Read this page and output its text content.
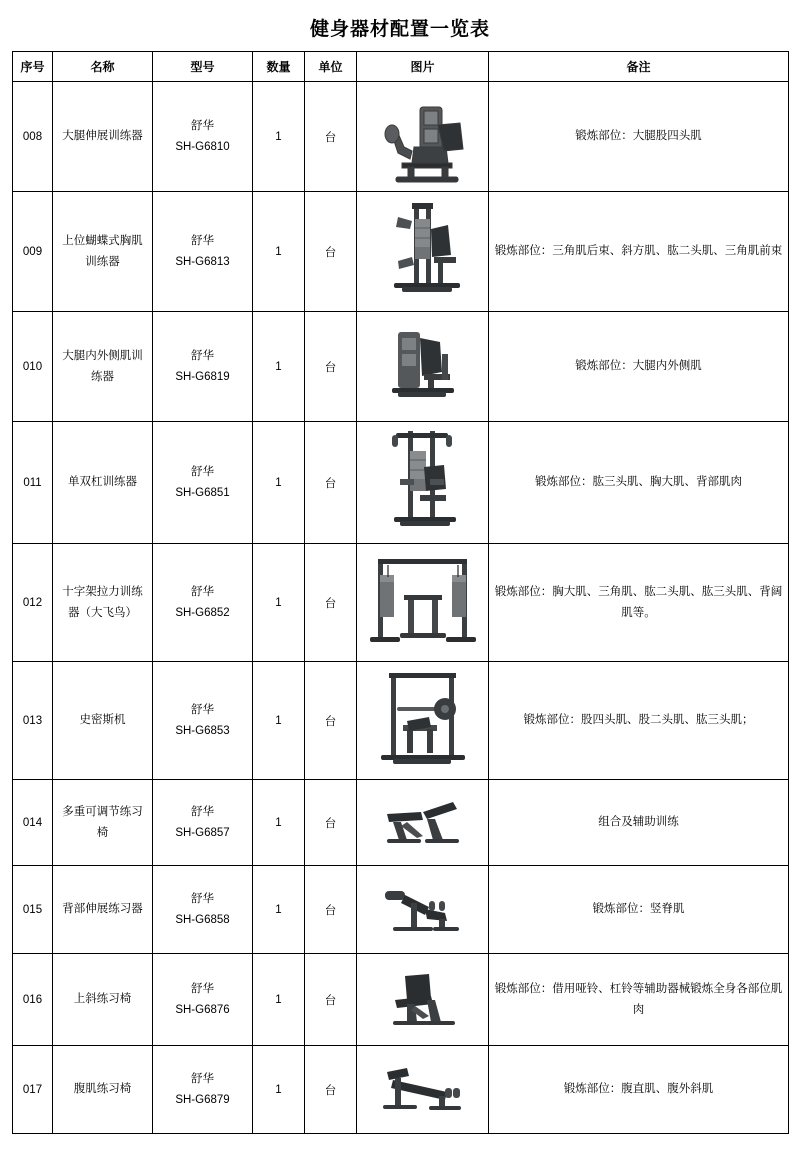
健身器材配置一览表
序号	名称	型号	数量	单位	图片	备注
008	大腿伸展训练器	舒华
SH-G6810	1	台		锻炼部位：大腿股四头肌
009	上位蝴蝶式胸肌训练器	舒华
SH-G6813	1	台		锻炼部位：三角肌后束、斜方肌、肱二头肌、三角肌前束
010	大腿内外侧肌训练器	舒华
SH-G6819	1	台		锻炼部位：大腿内外侧肌
011	单双杠训练器	舒华
SH-G6851	1	台		锻炼部位：肱三头肌、胸大肌、背部肌肉
012	十字架拉力训练器（大飞鸟）	舒华
SH-G6852	1	台		锻炼部位：胸大肌、三角肌、肱二头肌、肱三头肌、背阔肌等。
013	史密斯机	舒华
SH-G6853	1	台		锻炼部位：股四头肌、股二头肌、肱三头肌；
014	多重可调节练习椅	舒华
SH-G6857	1	台		组合及辅助训练
015	背部伸展练习器	舒华
SH-G6858	1	台		锻炼部位：竖脊肌
016	上斜练习椅	舒华
SH-G6876	1	台		锻炼部位：借用哑铃、杠铃等辅助器械锻炼全身各部位肌肉
017	腹肌练习椅	舒华
SH-G6879	1	台		锻炼部位：腹直肌、腹外斜肌
